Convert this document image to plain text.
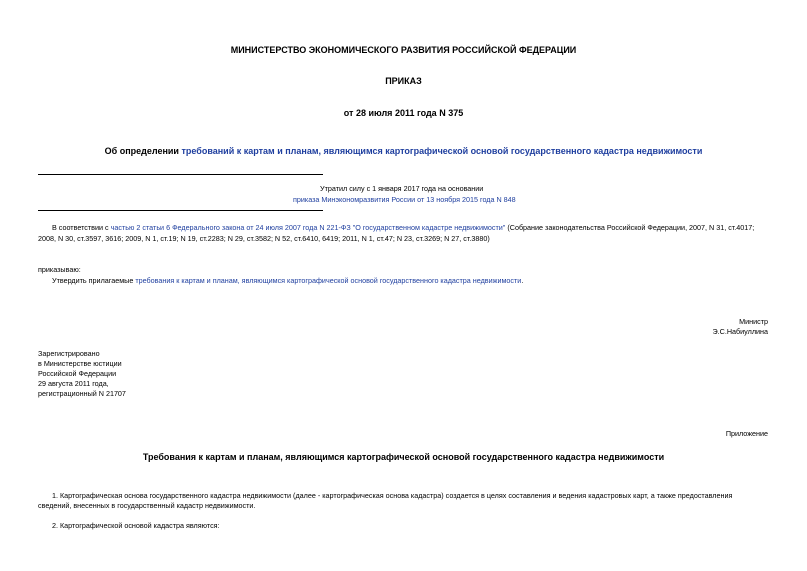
МИНИСТЕРСТВО ЭКОНОМИЧЕСКОГО РАЗВИТИЯ РОССИЙСКОЙ ФЕДЕРАЦИИ
ПРИКАЗ
от 28 июля 2011 года N 375
Об определении требований к картам и планам, являющимся картографической основой государственного кадастра недвижимости
Утратил силу с 1 января 2017 года на основании
приказа Минэкономразвития России от 13 ноября 2015 года N 848
В соответствии с частью 2 статьи 6 Федерального закона от 24 июля 2007 года N 221-ФЗ "О государственном кадастре недвижимости" (Собрание законодательства Российской Федерации, 2007, N 31, ст.4017;
2008, N 30, ст.3597, 3616; 2009, N 1, ст.19; N 19, ст.2283; N 29, ст.3582; N 52, ст.6410, 6419; 2011, N 1, ст.47; N 23, ст.3269; N 27, ст.3880)
приказываю:
Утвердить прилагаемые требования к картам и планам, являющимся картографической основой государственного кадастра недвижимости.
Министр
Э.С.Набиуллина
Зарегистрировано
в Министерстве юстиции
Российской Федерации
29 августа 2011 года,
регистрационный N 21707
Приложение
Требования к картам и планам, являющимся картографической основой государственного кадастра недвижимости
1. Картографическая основа государственного кадастра недвижимости (далее - картографическая основа кадастра) создается в целях составления и ведения кадастровых карт, а также предоставления
сведений, внесенных в государственный кадастр недвижимости.
2. Картографической основой кадастра являются:
